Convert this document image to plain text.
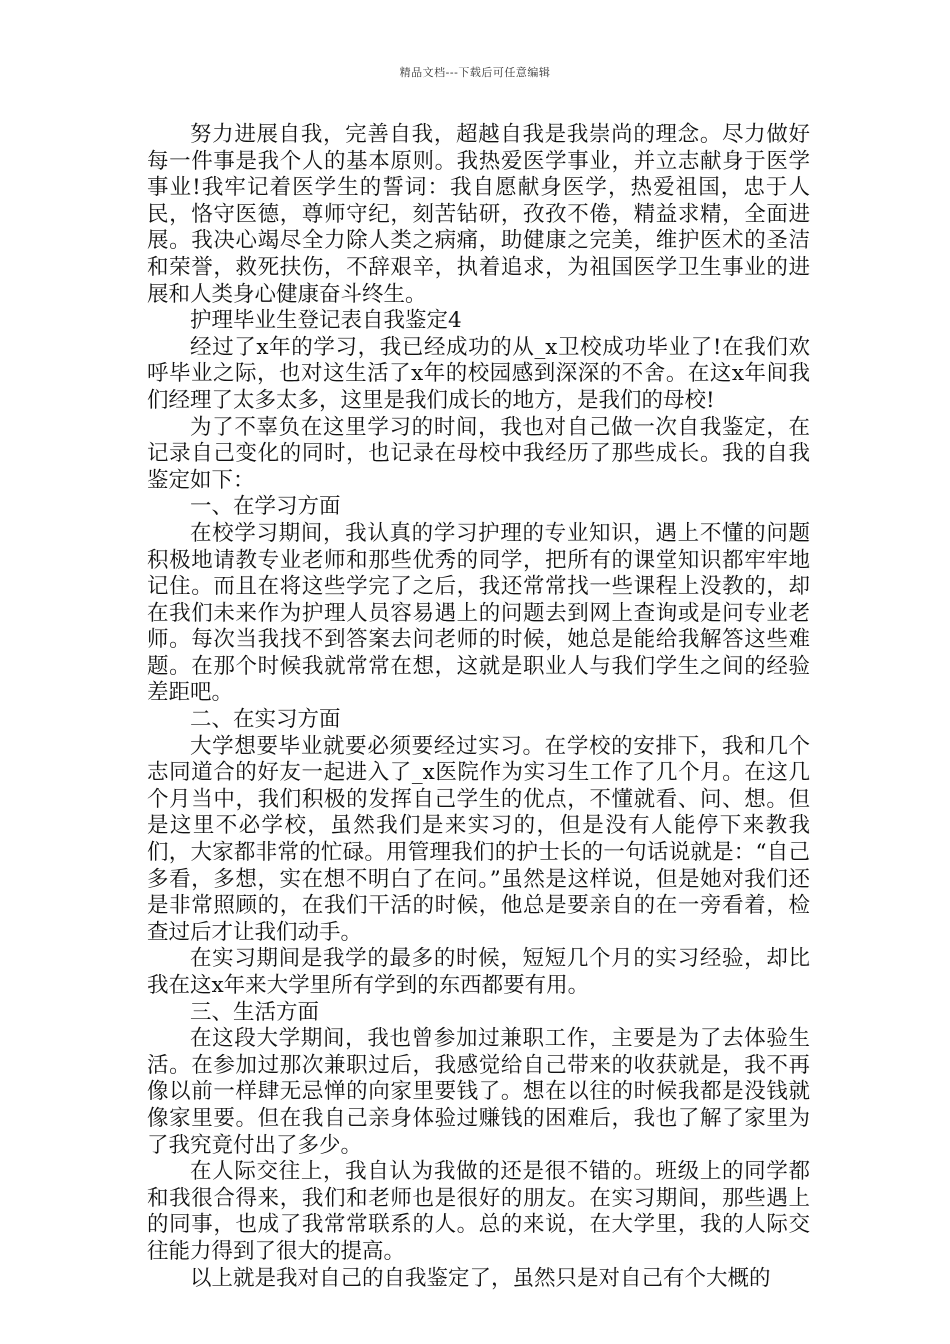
精品文档---下载后可任意编辑

努力进展自我，完善自我，超越自我是我崇尚的理念。尽力做好每一件事是我个人的基本原则。我热爱医学事业，并立志献身于医学事业!我牢记着医学生的誓词：我自愿献身医学，热爱祖国，忠于人民，恪守医德，尊师守纪，刻苦钻研，孜孜不倦，精益求精，全面进展。我决心竭尽全力除人类之病痛，助健康之完美，维护医术的圣洁和荣誉，救死扶伤，不辞艰辛，执着追求，为祖国医学卫生事业的进展和人类身心健康奋斗终生。

护理毕业生登记表自我鉴定4

经过了x年的学习，我已经成功的从_x卫校成功毕业了!在我们欢呼毕业之际，也对这生活了x年的校园感到深深的不舍。在这x年间我们经理了太多太多，这里是我们成长的地方，是我们的母校!

为了不辜负在这里学习的时间，我也对自己做一次自我鉴定，在记录自己变化的同时，也记录在母校中我经历了那些成长。我的自我鉴定如下：

一、在学习方面

在校学习期间，我认真的学习护理的专业知识，遇上不懂的问题积极地请教专业老师和那些优秀的同学，把所有的课堂知识都牢牢地记住。而且在将这些学完了之后，我还常常找一些课程上没教的，却在我们未来作为护理人员容易遇上的问题去到网上查询或是问专业老师。每次当我找不到答案去问老师的时候，她总是能给我解答这些难题。在那个时候我就常常在想，这就是职业人与我们学生之间的经验差距吧。

二、在实习方面

大学想要毕业就要必须要经过实习。在学校的安排下，我和几个志同道合的好友一起进入了_x医院作为实习生工作了几个月。在这几个月当中，我们积极的发挥自己学生的优点，不懂就看、问、想。但是这里不必学校，虽然我们是来实习的，但是没有人能停下来教我们，大家都非常的忙碌。用管理我们的护士长的一句话说就是：“自己多看，多想，实在想不明白了在问。”虽然是这样说，但是她对我们还是非常照顾的，在我们干活的时候，他总是要亲自的在一旁看着，检查过后才让我们动手。

在实习期间是我学的最多的时候，短短几个月的实习经验，却比我在这x年来大学里所有学到的东西都要有用。

三、生活方面

在这段大学期间，我也曾参加过兼职工作，主要是为了去体验生活。在参加过那次兼职过后，我感觉给自己带来的收获就是，我不再像以前一样肆无忌惮的向家里要钱了。想在以往的时候我都是没钱就像家里要。但在我自己亲身体验过赚钱的困难后，我也了解了家里为了我究竟付出了多少。

在人际交往上，我自认为我做的还是很不错的。班级上的同学都和我很合得来，我们和老师也是很好的朋友。在实习期间，那些遇上的同事，也成了我常常联系的人。总的来说，在大学里，我的人际交往能力得到了很大的提高。

以上就是我对自己的自我鉴定了，虽然只是对自己有个大概的
